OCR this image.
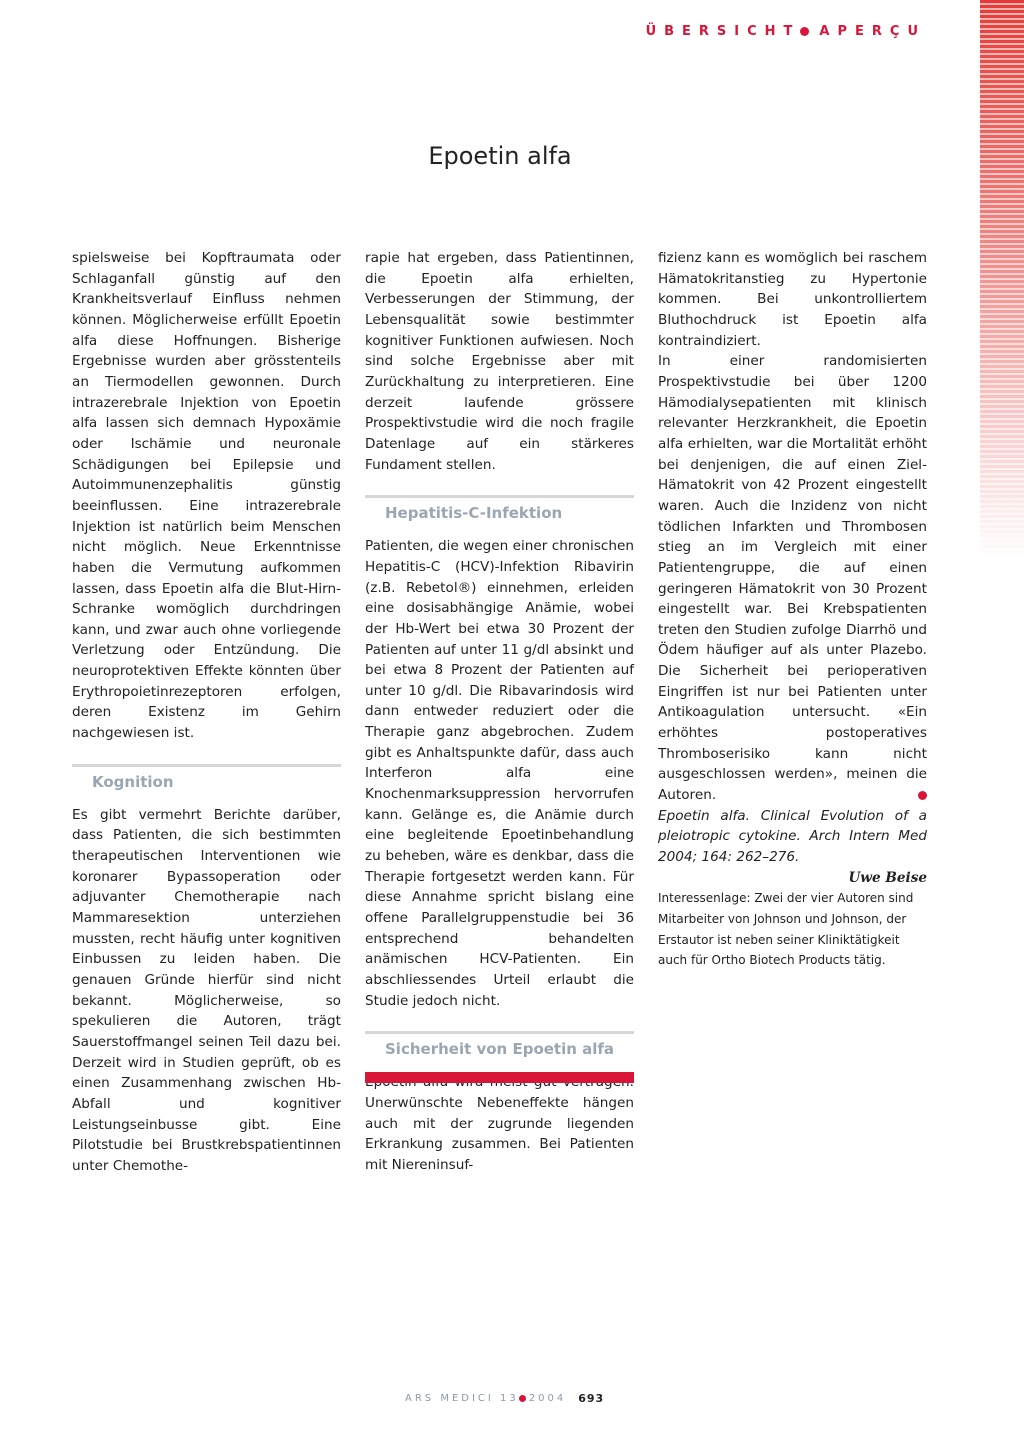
ÜBERSICHT APERÇU
Epoetin alfa

spielsweise bei Kopftraumata oder Schlaganfall günstig auf den Krankheitsverlauf Einfluss nehmen können. Möglicherweise erfüllt Epoetin alfa diese Hoffnungen. Bisherige Ergebnisse wurden aber grösstenteils an Tiermodellen gewonnen. Durch intrazerebrale Injektion von Epoetin alfa lassen sich demnach Hypoxämie oder Ischämie und neuronale Schädigungen bei Epilepsie und Autoimmunenzephalitis günstig beeinflussen. Eine intrazerebrale Injektion ist natürlich beim Menschen nicht möglich. Neue Erkenntnisse haben die Vermutung aufkommen lassen, dass Epoetin alfa die Blut-Hirn-Schranke womöglich durchdringen kann, und zwar auch ohne vorliegende Verletzung oder Entzündung. Die neuroprotektiven Effekte könnten über Erythropoietinrezeptoren erfolgen, deren Existenz im Gehirn nachgewiesen ist.

Kognition

Es gibt vermehrt Berichte darüber, dass Patienten, die sich bestimmten therapeutischen Interventionen wie koronarer Bypassoperation oder adjuvanter Chemotherapie nach Mammaresektion unterziehen mussten, recht häufig unter kognitiven Einbussen zu leiden haben. Die genauen Gründe hierfür sind nicht bekannt. Möglicherweise, so spekulieren die Autoren, trägt Sauerstoffmangel seinen Teil dazu bei. Derzeit wird in Studien geprüft, ob es einen Zusammenhang zwischen Hb-Abfall und kognitiver Leistungseinbusse gibt. Eine Pilotstudie bei Brustkrebspatientinnen unter Chemothe-

rapie hat ergeben, dass Patientinnen, die Epoetin alfa erhielten, Verbesserungen der Stimmung, der Lebensqualität sowie bestimmter kognitiver Funktionen aufwiesen. Noch sind solche Ergebnisse aber mit Zurückhaltung zu interpretieren. Eine derzeit laufende grössere Prospektivstudie wird die noch fragile Datenlage auf ein stärkeres Fundament stellen.

Hepatitis-C-Infektion

Patienten, die wegen einer chronischen Hepatitis-C (HCV)-Infektion Ribavirin (z.B. Rebetol®) einnehmen, erleiden eine dosisabhängige Anämie, wobei der Hb-Wert bei etwa 30 Prozent der Patienten auf unter 11 g/dl absinkt und bei etwa 8 Prozent der Patienten auf unter 10 g/dl. Die Ribavarindosis wird dann entweder reduziert oder die Therapie ganz abgebrochen. Zudem gibt es Anhaltspunkte dafür, dass auch Interferon alfa eine Knochenmarksuppression hervorrufen kann. Gelänge es, die Anämie durch eine begleitende Epoetinbehandlung zu beheben, wäre es denkbar, dass die Therapie fortgesetzt werden kann. Für diese Annahme spricht bislang eine offene Parallelgruppenstudie bei 36 entsprechend behandelten anämischen HCV-Patienten. Ein abschliessendes Urteil erlaubt die Studie jedoch nicht.

Sicherheit von Epoetin alfa

Unerwünschte Nebeneffekte hängen auch mit der zugrunde liegenden Erkrankung zusammen. Bei Patienten mit Niereninsuf-

fizienz kann es womöglich bei raschem Hämatokritanstieg zu Hypertonie kommen. Bei unkontrolliertem Bluthochdruck ist Epoetin alfa kontraindiziert.

In einer randomisierten Prospektivstudie bei über 1200 Hämodialysepatienten mit klinisch relevanter Herzkrankheit, die Epoetin alfa erhielten, war die Mortalität erhöht bei denjenigen, die auf einen Ziel-Hämatokrit von 42 Prozent eingestellt waren. Auch die Inzidenz von nicht tödlichen Infarkten und Thrombosen stieg an im Vergleich mit einer Patientengruppe, die auf einen geringeren Hämatokrit von 30 Prozent eingestellt war. Bei Krebspatienten treten den Studien zufolge Diarrhö und Ödem häufiger auf als unter Plazebo. Die Sicherheit bei perioperativen Eingriffen ist nur bei Patienten unter Antikoagulation untersucht. «Ein erhöhtes postoperatives Thromboserisiko kann nicht ausgeschlossen werden», meinen die Autoren.

Epoetin alfa. Clinical Evolution of a pleiotropic cytokine. Arch Intern Med 2004; 164: 262–276.

Uwe Beise

Interessenlage: Zwei der vier Autoren sind Mitarbeiter von Johnson und Johnson, der Erstautor ist neben seiner Kliniktätigkeit auch für Ortho Biotech Products tätig.

ARS MEDICI 13 2004 693
